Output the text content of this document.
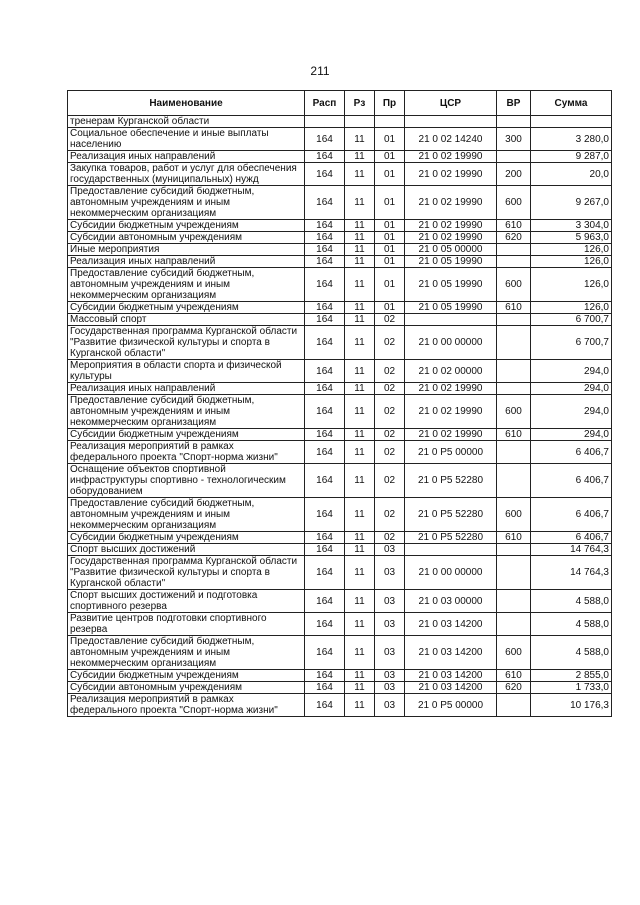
211
Наименование	Расп	Рз	Пр	ЦСР	ВР	Сумма
тренерам Курганской области						
Социальное обеспечение и иные выплаты населению	164	11	01	21 0 02 14240	300	3 280,0
Реализация иных направлений	164	11	01	21 0 02 19990		9 287,0
Закупка товаров, работ и услуг для обеспечения государственных (муниципальных) нужд	164	11	01	21 0 02 19990	200	20,0
Предоставление субсидий бюджетным, автономным учреждениям и иным некоммерческим организациям	164	11	01	21 0 02 19990	600	9 267,0
Субсидии бюджетным учреждениям	164	11	01	21 0 02 19990	610	3 304,0
Субсидии автономным учреждениям	164	11	01	21 0 02 19990	620	5 963,0
Иные мероприятия	164	11	01	21 0 05 00000		126,0
Реализация иных направлений	164	11	01	21 0 05 19990		126,0
Предоставление субсидий бюджетным, автономным учреждениям и иным некоммерческим организациям	164	11	01	21 0 05 19990	600	126,0
Субсидии бюджетным учреждениям	164	11	01	21 0 05 19990	610	126,0
Массовый спорт	164	11	02			6 700,7
Государственная программа Курганской области "Развитие физической культуры и спорта в Курганской области"	164	11	02	21 0 00 00000		6 700,7
Мероприятия в области спорта и физической культуры	164	11	02	21 0 02 00000		294,0
Реализация иных направлений	164	11	02	21 0 02 19990		294,0
Предоставление субсидий бюджетным, автономным учреждениям и иным некоммерческим организациям	164	11	02	21 0 02 19990	600	294,0
Субсидии бюджетным учреждениям	164	11	02	21 0 02 19990	610	294,0
Реализация мероприятий в рамках федерального проекта "Спорт-норма жизни"	164	11	02	21 0 P5 00000		6 406,7
Оснащение объектов спортивной инфраструктуры спортивно - технологическим оборудованием	164	11	02	21 0 P5 52280		6 406,7
Предоставление субсидий бюджетным, автономным учреждениям и иным некоммерческим организациям	164	11	02	21 0 P5 52280	600	6 406,7
Субсидии бюджетным учреждениям	164	11	02	21 0 P5 52280	610	6 406,7
Спорт высших достижений	164	11	03			14 764,3
Государственная программа Курганской области "Развитие физической культуры и спорта в Курганской области"	164	11	03	21 0 00 00000		14 764,3
Спорт высших достижений и подготовка спортивного резерва	164	11	03	21 0 03 00000		4 588,0
Развитие центров подготовки спортивного резерва	164	11	03	21 0 03 14200		4 588,0
Предоставление субсидий бюджетным, автономным учреждениям и иным некоммерческим организациям	164	11	03	21 0 03 14200	600	4 588,0
Субсидии бюджетным учреждениям	164	11	03	21 0 03 14200	610	2 855,0
Субсидии автономным учреждениям	164	11	03	21 0 03 14200	620	1 733,0
Реализация мероприятий в рамках федерального проекта "Спорт-норма жизни"	164	11	03	21 0 P5 00000		10 176,3
